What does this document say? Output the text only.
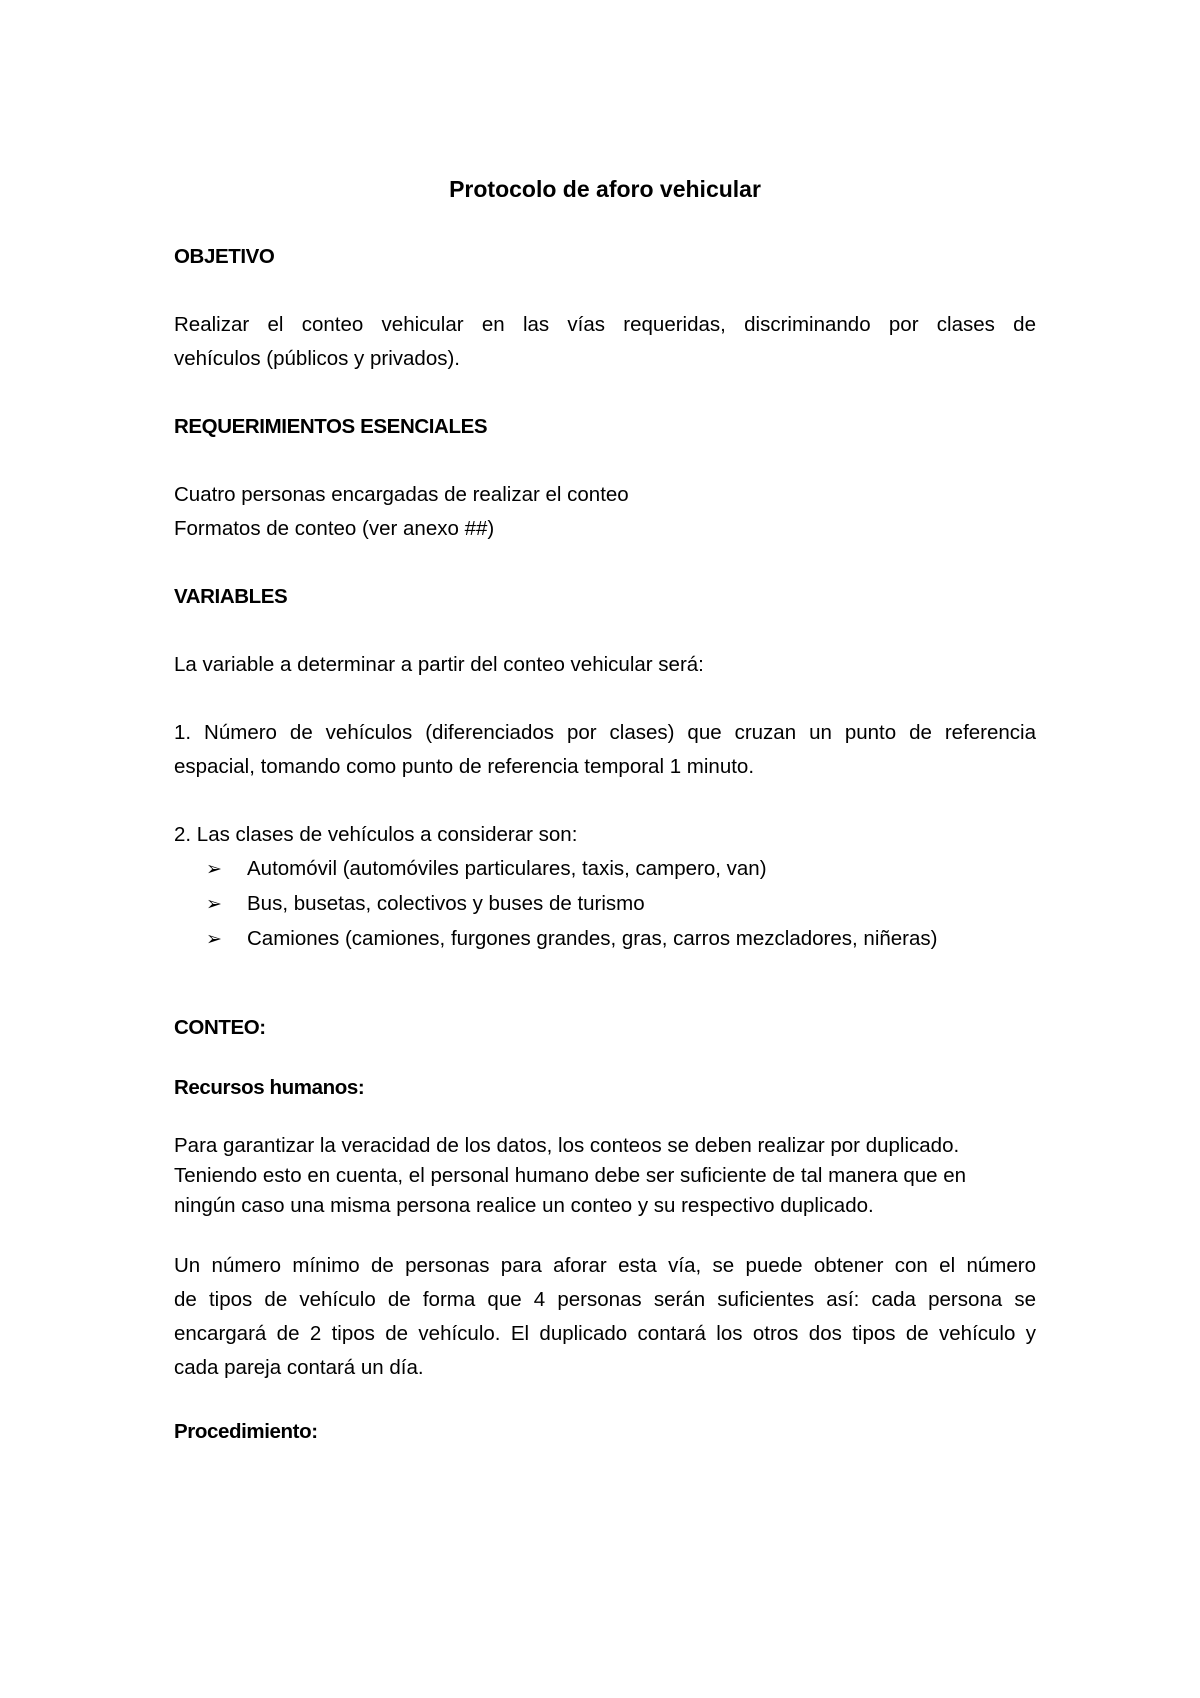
Protocolo de aforo vehicular

OBJETIVO

Realizar el conteo vehicular en las vías requeridas, discriminando por clases de

vehículos (públicos y privados).

REQUERIMIENTOS ESENCIALES

Cuatro personas encargadas de realizar el conteo

Formatos de conteo (ver anexo ##)

VARIABLES

La variable a determinar a partir del conteo vehicular será:

1. Número de vehículos (diferenciados por clases) que cruzan un punto de referencia

espacial, tomando como punto de referencia temporal 1 minuto.

2. Las clases de vehículos a considerar son:

➢	Automóvil (automóviles particulares, taxis, campero, van)
➢	Bus, busetas, colectivos y buses de turismo
➢	Camiones (camiones, furgones grandes, gras, carros mezcladores, niñeras)

CONTEO:

Recursos humanos:

Para garantizar la veracidad de los datos, los conteos se deben realizar por duplicado.

Teniendo esto en cuenta, el personal humano debe ser suficiente de tal manera que en

ningún caso una misma persona realice un conteo y su respectivo duplicado.

Un número mínimo de personas para aforar esta vía, se puede obtener con el número

de tipos de vehículo de forma que 4 personas serán suficientes así: cada persona se

encargará de 2 tipos de vehículo. El duplicado contará los otros dos tipos de vehículo y

cada pareja contará un día.

Procedimiento:
